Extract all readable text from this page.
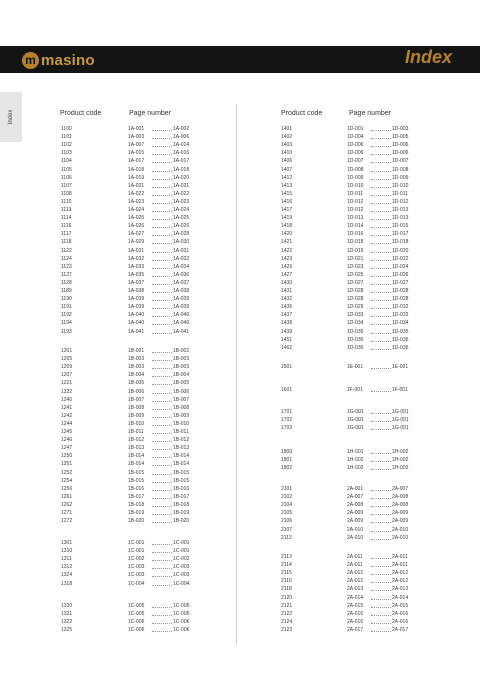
m masino	Index
Index	Product code	Page number	Product code	Page number
1100	1A-001	1A-002
1101	1A-003	1A-006
1102	1A-007	1A-014
1103	1A-015	1A-016
1104	1A-017	1A-017
1105	1A-018	1A-018
1106	1A-019	1A-020
1107	1A-021	1A-021
1108	1A-022	1A-022
1110	1A-023	1A-023
1113	1A-024	1A-024
1114	1A-025	1A-025
1116	1A-026	1A-026
1117	1A-027	1A-028
1118	1A-029	1A-030
1122	1A-031	1A-031
1124	1A-032	1A-032
1123	1A-033	1A-034
1127	1A-035	1A-036
1128	1A-037	1A-037
1189	1A-038	1A-038
1190	1A-039	1A-039
1191	1A-039	1A-039
1192	1A-040	1A-040
1194	1A-040	1A-040
1193	1A-041	1A-041
1201	1B-001	1B-002
1205	1B-003	1B-003
1209	1B-003	1B-003
1207	1B-004	1B-004
1221	1B-005	1B-005
1222	1B-006	1B-006
1240	1B-007	1B-007
1241	1B-008	1B-008
1242	1B-009	1B-009
1244	1B-010	1B-010
1245	1B-011	1B-011
1246	1B-012	1B-012
1247	1B-013	1B-013
1250	1B-014	1B-014
1251	1B-014	1B-014
1252	1B-015	1B-015
1254	1B-015	1B-015
1256	1B-016	1B-016
1261	1B-017	1B-017
1262	1B-018	1B-018
1271	1B-019	1B-019
1272	1B-020	1B-020
1301	1C-001	1C-001
1310	1C-001	1C-001
1311	1C-002	1C-002
1312	1C-003	1C-003
1324	1C-003	1C-003
1318	1C-004	1C-004
1320	1C-005	1C-005
1321	1C-005	1C-005
1322	1C-006	1C-006
1325	1C-006	1C-006
1401	1D-001	1D-003
1402	1D-004	1D-005
1403	1D-006	1D-006
1410	1D-006	1D-006
1406	1D-007	1D-007
1407	1D-008	1D-008
1412	1D-009	1D-009
1413	1D-010	1D-010
1415	1D-011	1D-011
1416	1D-012	1D-012
1417	1D-012	1D-013
1419	1D-013	1D-013
1418	1D-014	1D-015
1420	1D-016	1D-017
1421	1D-018	1D-018
1422	1D-019	1D-020
1423	1D-021	1D-022
1426	1D-023	1D-024
1427	1D-025	1D-026
1430	1D-027	1D-027
1431	1D-028	1D-028
1432	1D-028	1D-028
1436	1D-029	1D-032
1437	1D-033	1D-033
1438	1D-034	1D-034
1439	1D-035	1D-035
1451	1D-036	1D-036
1462	1D-036	1D-036
1501	1E-001	1E-001
1601	1F-001	1F-001
1701	1G-001	1G-001
1702	1G-001	1G-001
1703	1G-001	1G-001
1800	1H-001	1H-002
1801	1H-002	1H-002
1802	1H-003	1H-003
2101	2A-001	2A-007
2102	2A-007	2A-008
2104	2A-008	2A-008
2105	2A-009	2A-009
2106	2A-009	2A-009
2107	2A-010	2A-010
2112	2A-010	2A-010
2113	2A-011	2A-011
2114	2A-011	2A-011
2115	2A-012	2A-012
2116	2A-012	2A-012
2118	2A-013	2A-013
2120	2A-014	2A-014
2121	2A-015	2A-015
2122	2A-016	2A-016
2124	2A-016	2A-016
2123	2A-017	2A-017
